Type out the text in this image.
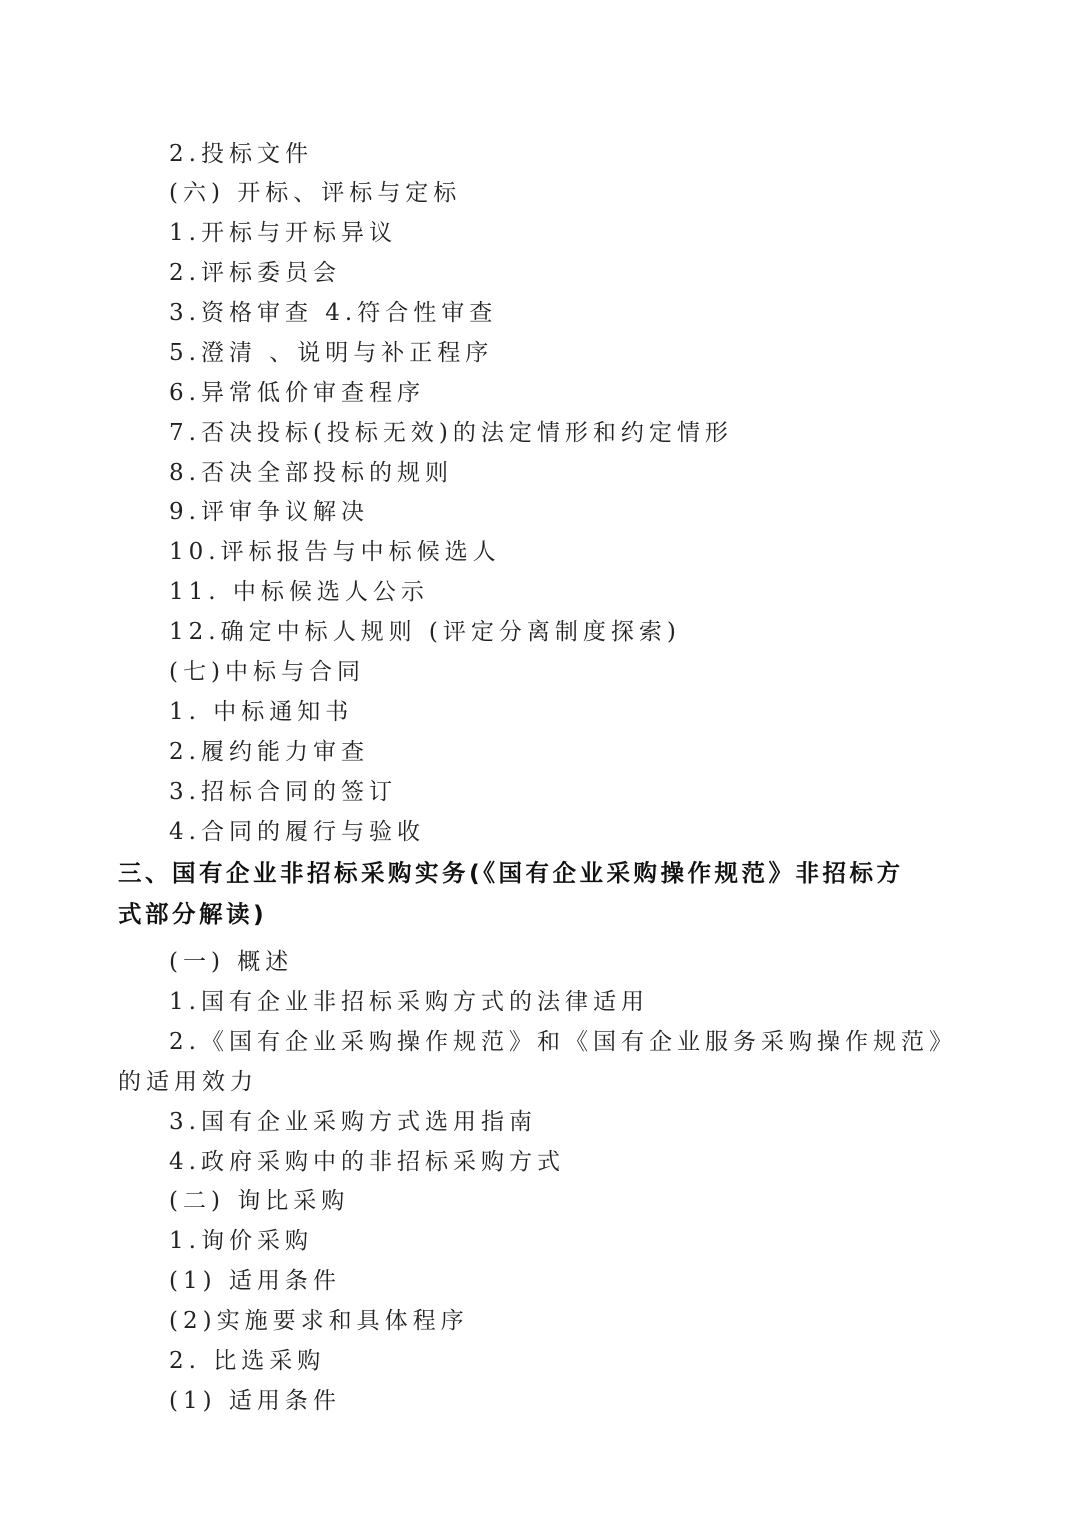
2.投标文件
(六) 开标、评标与定标
1.开标与开标异议
2.评标委员会
3.资格审查 4.符合性审查
5.澄清 、说明与补正程序
6.异常低价审查程序
7.否决投标(投标无效)的法定情形和约定情形
8.否决全部投标的规则
9.评审争议解决
10.评标报告与中标候选人
11. 中标候选人公示
12.确定中标人规则 (评定分离制度探索)
(七)中标与合同
1. 中标通知书
2.履约能力审查
3.招标合同的签订
4.合同的履行与验收
三、国有企业非招标采购实务(《国有企业采购操作规范》非招标方
式部分解读)
(一) 概述
1.国有企业非招标采购方式的法律适用
2.《国有企业采购操作规范》和《国有企业服务采购操作规范》
的适用效力
3.国有企业采购方式选用指南
4.政府采购中的非招标采购方式
(二) 询比采购
1.询价采购
(1) 适用条件
(2)实施要求和具体程序
2. 比选采购
(1) 适用条件
